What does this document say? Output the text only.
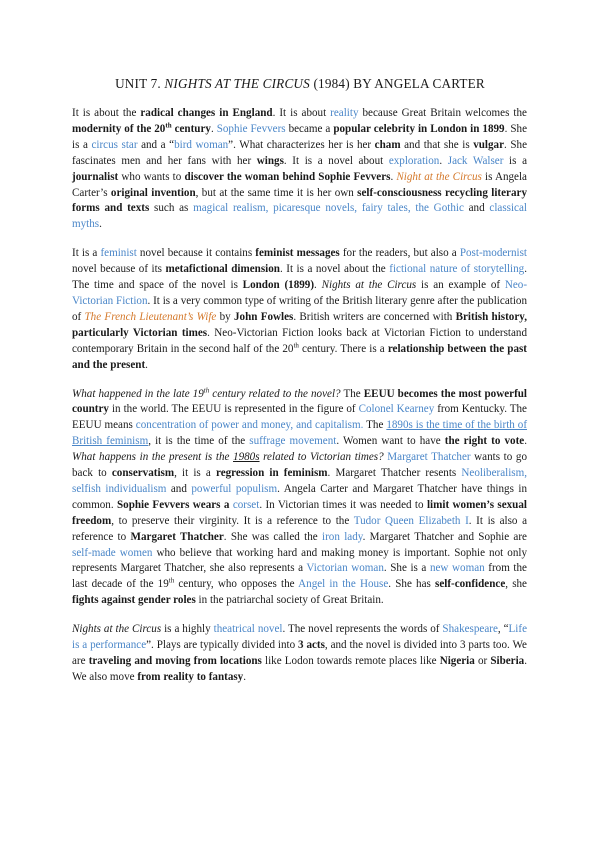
UNIT 7. NIGHTS AT THE CIRCUS (1984) BY ANGELA CARTER

It is about the radical changes in England. It is about reality because Great Britain welcomes the modernity of the 20th century. Sophie Fevvers became a popular celebrity in London in 1899. She is a circus star and a “bird woman”. What characterizes her is her cham and that she is vulgar. She fascinates men and her fans with her wings. It is a novel about exploration. Jack Walser is a journalist who wants to discover the woman behind Sophie Fevvers. Night at the Circus is Angela Carter’s original invention, but at the same time it is her own self-consciousness recycling literary forms and texts such as magical realism, picaresque novels, fairy tales, the Gothic and classical myths.

It is a feminist novel because it contains feminist messages for the readers, but also a Post-modernist novel because of its metafictional dimension. It is a novel about the fictional nature of storytelling. The time and space of the novel is London (1899). Nights at the Circus is an example of Neo-Victorian Fiction. It is a very common type of writing of the British literary genre after the publication of The French Lieutenant’s Wife by John Fowles. British writers are concerned with British history, particularly Victorian times. Neo-Victorian Fiction looks back at Victorian Fiction to understand contemporary Britain in the second half of the 20th century. There is a relationship between the past and the present.

What happened in the late 19th century related to the novel? The EEUU becomes the most powerful country in the world. The EEUU is represented in the figure of Colonel Kearney from Kentucky. The EEUU means concentration of power and money, and capitalism. The 1890s is the time of the birth of British feminism, it is the time of the suffrage movement. Women want to have the right to vote. What happens in the present is the 1980s related to Victorian times? Margaret Thatcher wants to go back to conservatism, it is a regression in feminism. Margaret Thatcher resents Neoliberalism, selfish individualism and powerful populism. Angela Carter and Margaret Thatcher have things in common. Sophie Fevvers wears a corset. In Victorian times it was needed to limit women’s sexual freedom, to preserve their virginity. It is a reference to the Tudor Queen Elizabeth I. It is also a reference to Margaret Thatcher. She was called the iron lady. Margaret Thatcher and Sophie are self-made women who believe that working hard and making money is important. Sophie not only represents Margaret Thatcher, she also represents a Victorian woman. She is a new woman from the last decade of the 19th century, who opposes the Angel in the House. She has self-confidence, she fights against gender roles in the patriarchal society of Great Britain.

Nights at the Circus is a highly theatrical novel. The novel represents the words of Shakespeare, “Life is a performance”. Plays are typically divided into 3 acts, and the novel is divided into 3 parts too. We are traveling and moving from locations like Lodon towards remote places like Nigeria or Siberia. We also move from reality to fantasy.
